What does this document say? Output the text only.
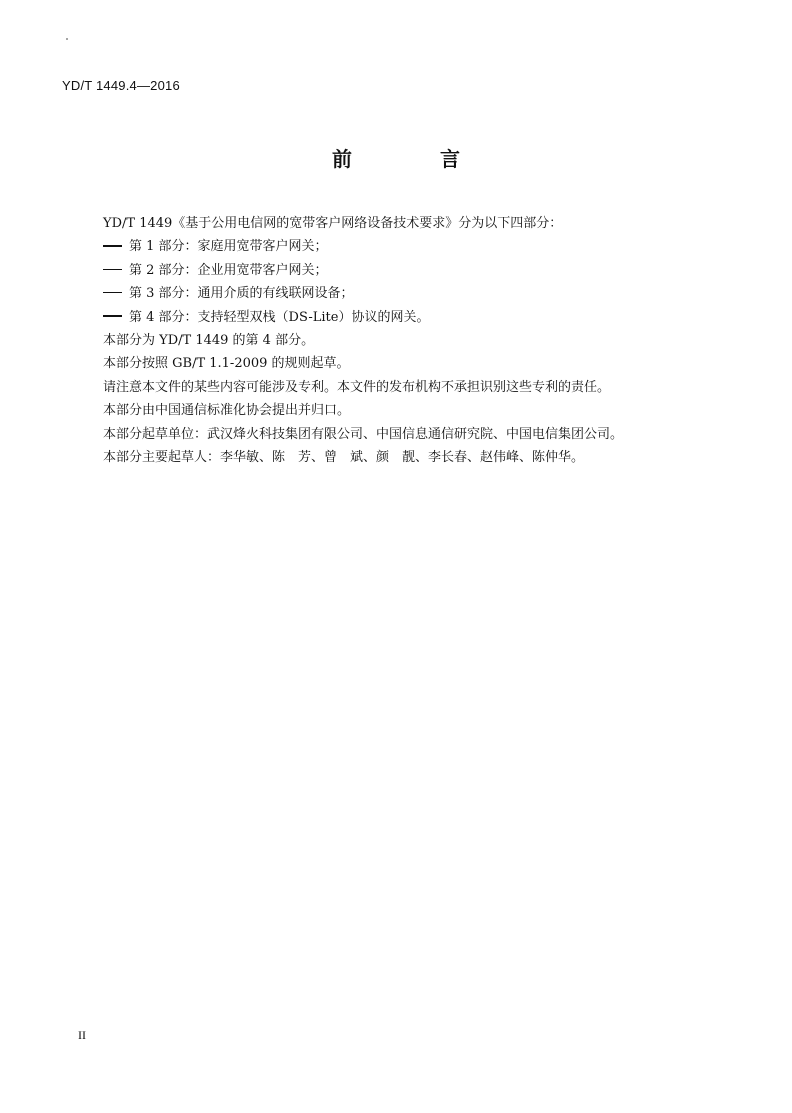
YD/T 1449.4—2016
前　言
YD/T 1449《基于公用电信网的宽带客户网络设备技术要求》分为以下四部分：
第 1 部分：家庭用宽带客户网关；
第 2 部分：企业用宽带客户网关；
第 3 部分：通用介质的有线联网设备；
第 4 部分：支持轻型双栈（DS-Lite）协议的网关。
本部分为 YD/T 1449 的第 4 部分。
本部分按照 GB/T 1.1-2009 的规则起草。
请注意本文件的某些内容可能涉及专利。本文件的发布机构不承担识别这些专利的责任。
本部分由中国通信标准化协会提出并归口。
本部分起草单位：武汉烽火科技集团有限公司、中国信息通信研究院、中国电信集团公司。
本部分主要起草人：李华敏、陈　芳、曾　斌、颜　靓、李长春、赵伟峰、陈仲华。
II
